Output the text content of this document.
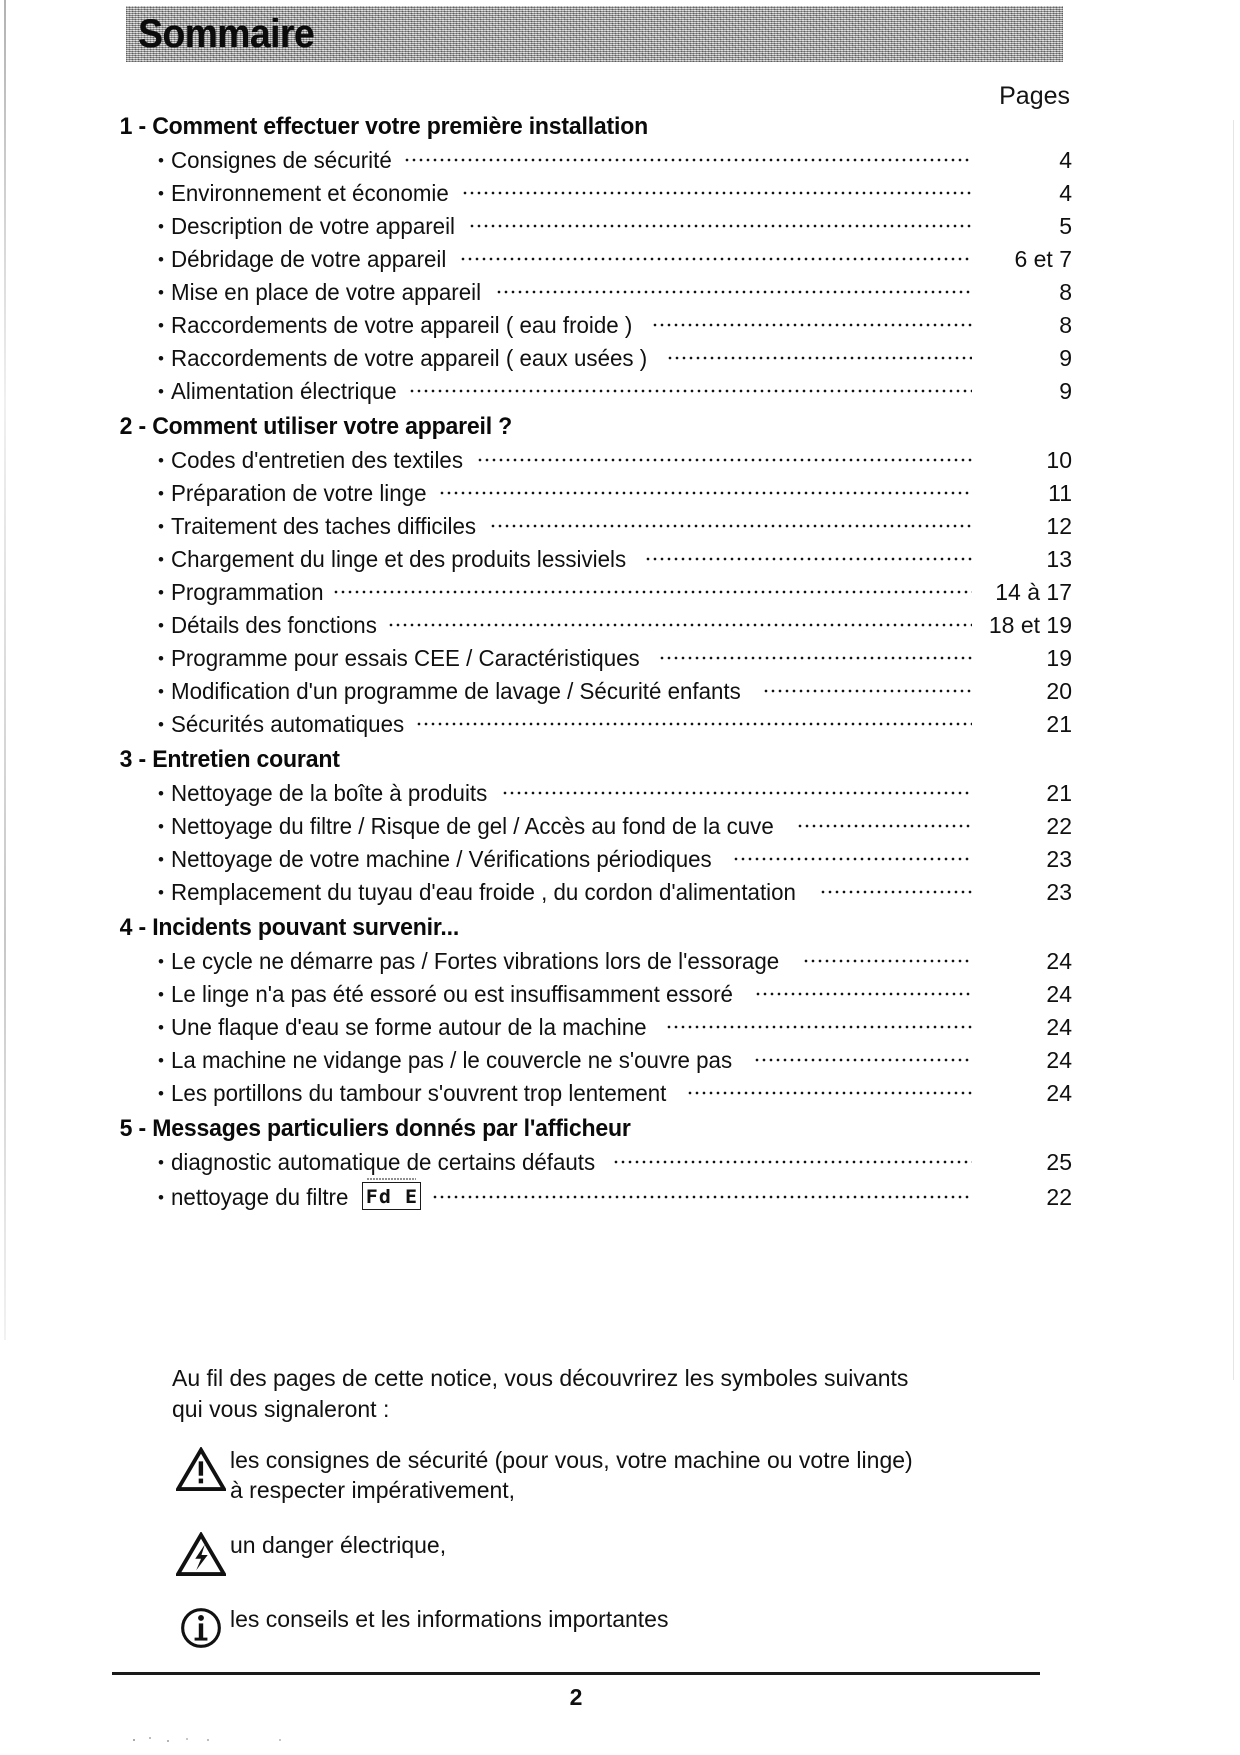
Sommaire
Pages
1 - Comment effectuer votre première installation
• Consignes de sécurité	4
• Environnement et économie	4
• Description de votre appareil	5
• Débridage de votre appareil	6 et 7
• Mise en place de votre appareil	8
• Raccordements de votre appareil ( eau froide )	8
• Raccordements de votre appareil ( eaux usées )	9
• Alimentation électrique	9
2 - Comment utiliser votre appareil ?
• Codes d'entretien des textiles	10
• Préparation de votre linge	11
• Traitement des taches difficiles	12
• Chargement du linge et des produits lessiviels	13
• Programmation	14 à 17
• Détails des fonctions	18 et 19
• Programme pour essais CEE / Caractéristiques	19
• Modification d'un programme de lavage / Sécurité enfants	20
• Sécurités automatiques	21
3 - Entretien courant
• Nettoyage de la boîte à produits	21
• Nettoyage du filtre / Risque de gel / Accès au fond de la cuve	22
• Nettoyage de votre machine / Vérifications périodiques	23
• Remplacement du tuyau d'eau froide , du cordon d'alimentation	23
4 - Incidents pouvant survenir...
• Le cycle ne démarre pas / Fortes vibrations lors de l'essorage	24
• Le linge n'a pas été essoré ou est insuffisamment essoré	24
• Une flaque d'eau se forme autour de la machine	24
• La machine ne vidange pas / le couvercle ne s'ouvre pas	24
• Les portillons du tambour s'ouvrent trop lentement	24
5 - Messages particuliers donnés par l'afficheur
• diagnostic automatique de certains défauts	25
• nettoyage du filtre Fd E	22
Au fil des pages de cette notice, vous découvrirez les symboles suivants
qui vous signaleront :
les consignes de sécurité (pour vous, votre machine ou votre linge)
à respecter impérativement,
un danger électrique,
les conseils et les informations importantes
2
